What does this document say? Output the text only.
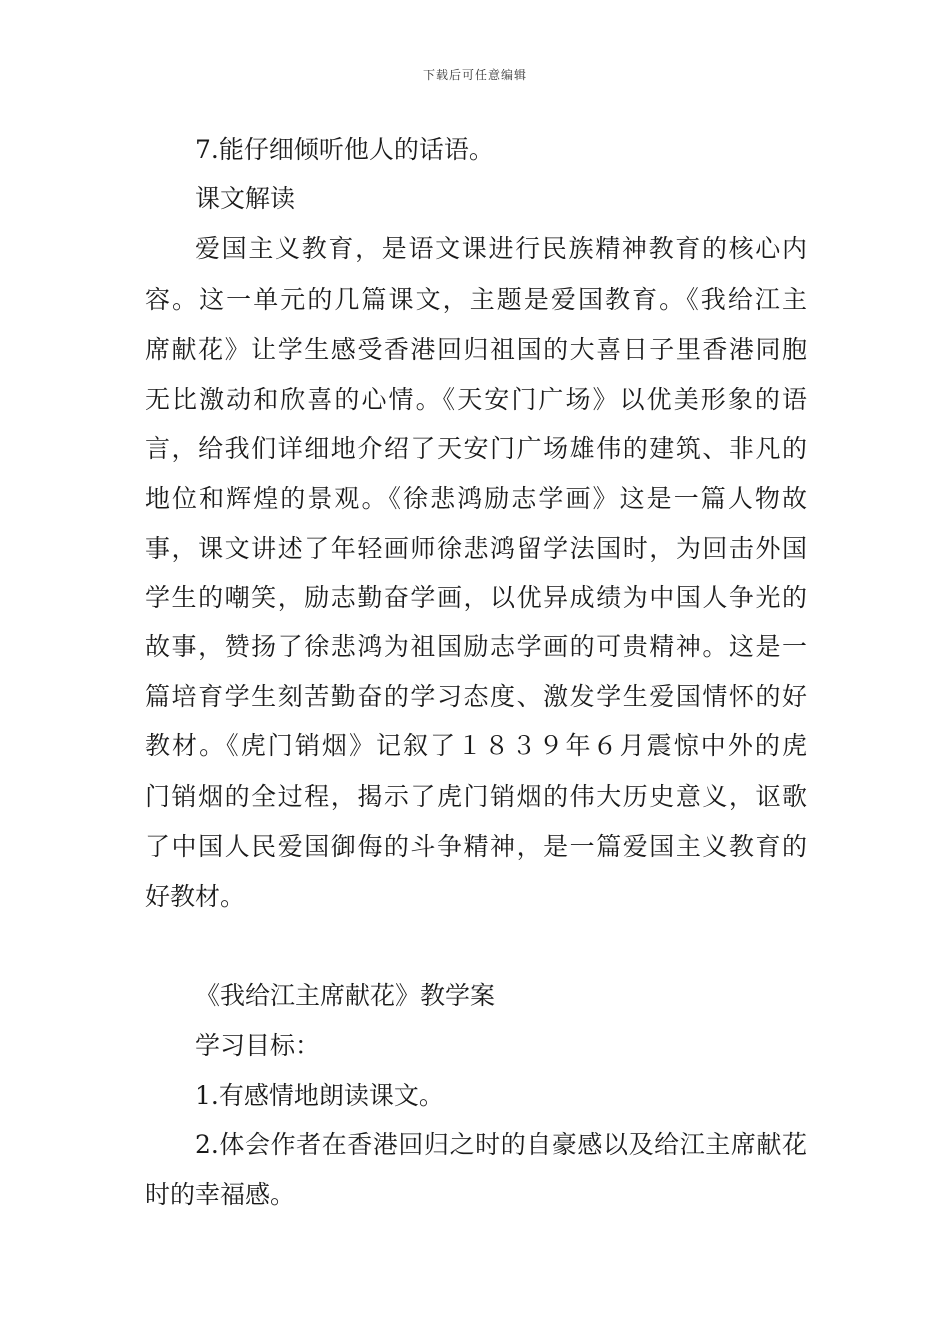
下载后可任意编辑
7.能仔细倾听他人的话语。
课文解读
爱国主义教育，是语文课进行民族精神教育的核心内
容。这一单元的几篇课文，主题是爱国教育。《我给江主
席献花》让学生感受香港回归祖国的大喜日子里香港同胞
无比激动和欣喜的心情。《天安门广场》以优美形象的语
言，给我们详细地介绍了天安门广场雄伟的建筑、非凡的
地位和辉煌的景观。《徐悲鸿励志学画》这是一篇人物故
事，课文讲述了年轻画师徐悲鸿留学法国时，为回击外国
学生的嘲笑，励志勤奋学画，以优异成绩为中国人争光的
故事，赞扬了徐悲鸿为祖国励志学画的可贵精神。这是一
篇培育学生刻苦勤奋的学习态度、激发学生爱国情怀的好
教材。《虎门销烟》记叙了１８３９年６月震惊中外的虎
门销烟的全过程，揭示了虎门销烟的伟大历史意义，讴歌
了中国人民爱国御侮的斗争精神，是一篇爱国主义教育的
好教材。
《我给江主席献花》教学案
学习目标：
1.有感情地朗读课文。
2.体会作者在香港回归之时的自豪感以及给江主席献花
时的幸福感。
